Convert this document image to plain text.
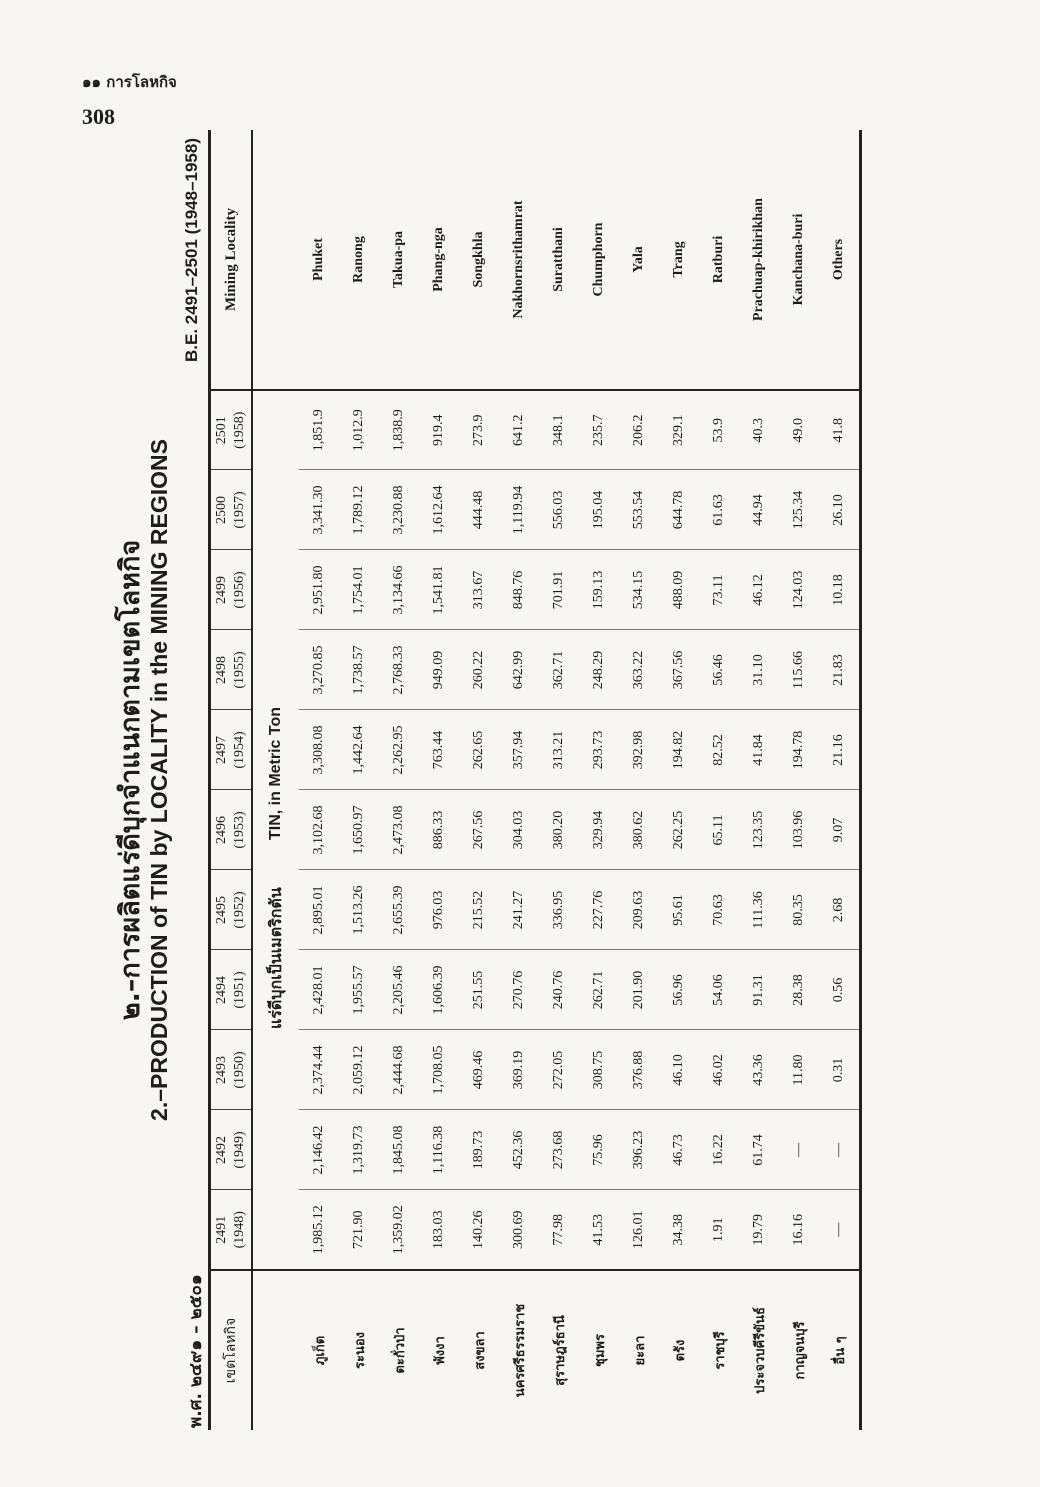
๑๑ การโลหกิจ
308
๒.–การผลิตแร่ดีบุกจำแนกตามเขตโลหกิจ 2.–PRODUCTION of TIN by LOCALITY in the MINING REGIONS
พ.ศ. ๒๔๙๑ – ๒๕๐๑
B.E. 2491–2501 (1948–1958)
เขตโลหกิจ	2491 (1948)	2492 (1949)	2493 (1950)	2494 (1951)	2495 (1952)	2496 (1953)	2497 (1954)	2498 (1955)	2499 (1956)	2500 (1957)	2501 (1958)	Mining Locality
	แร่ดีบุกเป็นเมตริกตัน					TIN, in Metric Ton						
ภูเก็ต	1,985.12	2,146.42	2,374.44	2,428.01	2,895.01	3,102.68	3,308.08	3,270.85	2,951.80	3,341.30	1,851.9	Phuket
ระนอง	721.90	1,319.73	2,059.12	1,955.57	1,513.26	1,650.97	1,442.64	1,738.57	1,754.01	1,789.12	1,012.9	Ranong
ตะกั่วป่า	1,359.02	1,845.08	2,444.68	2,205.46	2,655.39	2,473.08	2,262.95	2,768.33	3,134.66	3,230.88	1,838.9	Takua-pa
พังงา	183.03	1,116.38	1,708.05	1,606.39	976.03	886.33	763.44	949.09	1,541.81	1,612.64	919.4	Phang-nga
สงขลา	140.26	189.73	469.46	251.55	215.52	267.56	262.65	260.22	313.67	444.48	273.9	Songkhla
นครศรีธรรมราช	300.69	452.36	369.19	270.76	241.27	304.03	357.94	642.99	848.76	1,119.94	641.2	Nakhornsrithamrat
สุราษฎร์ธานี	77.98	273.68	272.05	240.76	336.95	380.20	313.21	362.71	701.91	556.03	348.1	Suratthani
ชุมพร	41.53	75.96	308.75	262.71	227.76	329.94	293.73	248.29	159.13	195.04	235.7	Chumphorn
ยะลา	126.01	396.23	376.88	201.90	209.63	380.62	392.98	363.22	534.15	553.54	206.2	Yala
ตรัง	34.38	46.73	46.10	56.96	95.61	262.25	194.82	367.56	488.09	644.78	329.1	Trang
ราชบุรี	1.91	16.22	46.02	54.06	70.63	65.11	82.52	56.46	73.11	61.63	53.9	Ratburi
ประจวบคีรีขันธ์	19.79	61.74	43.36	91.31	111.36	123.35	41.84	31.10	46.12	44.94	40.3	Prachuap-khirikhan
กาญจนบุรี	16.16	—	11.80	28.38	80.35	103.96	194.78	115.66	124.03	125.34	49.0	Kanchana-buri
อื่น ๆ	—	—	0.31	0.56	2.68	9.07	21.16	21.83	10.18	26.10	41.8	Others
